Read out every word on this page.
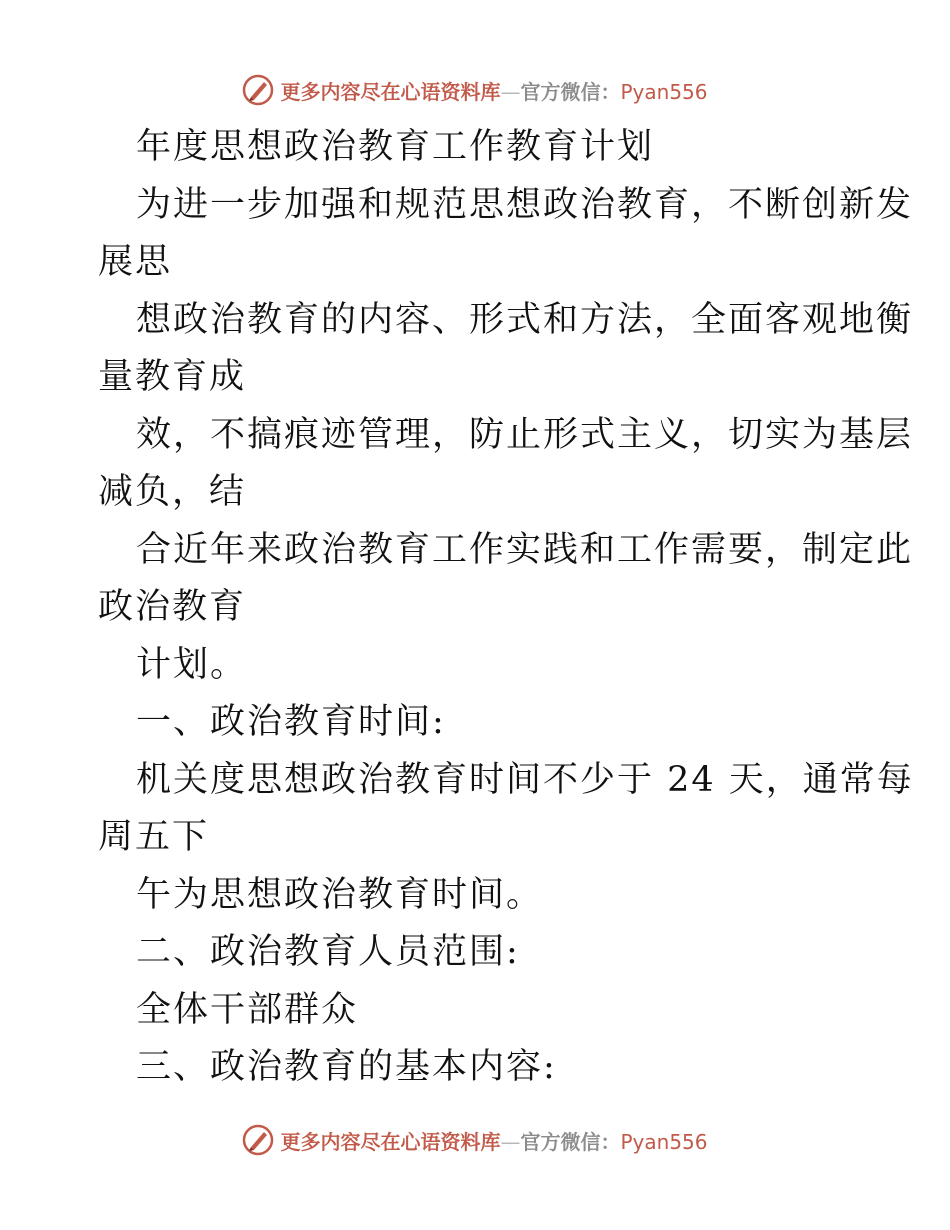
更多内容尽在心语资料库—官方微信：Pyan556
年度思想政治教育工作教育计划
为进一步加强和规范思想政治教育，不断创新发
展思
想政治教育的内容、形式和方法，全面客观地衡
量教育成
效，不搞痕迹管理，防止形式主义，切实为基层
减负，结
合近年来政治教育工作实践和工作需要，制定此
政治教育
计划。
一、政治教育时间:
机关度思想政治教育时间不少于 24 天，通常每
周五下
午为思想政治教育时间。
二、政治教育人员范围:
全体干部群众
三、政治教育的基本内容:
更多内容尽在心语资料库—官方微信：Pyan556
